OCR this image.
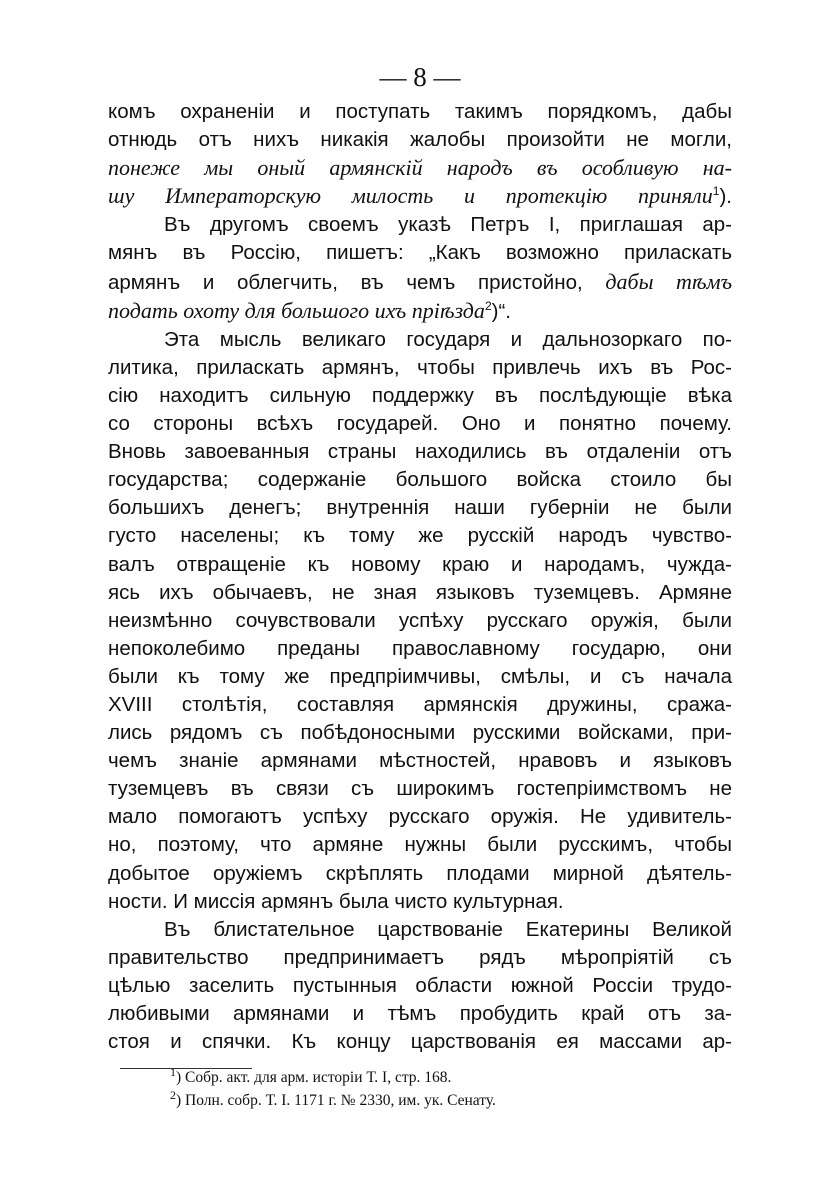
— 8 —

комъ охраненіи и поступать такимъ порядкомъ, дабы
отнюдь отъ нихъ никакія жалобы произойти не могли,
понеже мы оный армянскій народъ въ особливую на-
шу Императорскую милость и протекцію приняли$^1$).

Въ другомъ своемъ указѣ Петръ I, приглашая ар-
мянъ въ Россію, пишетъ: „Какъ возможно приласкать
армянъ и облегчить, въ чемъ пристойно, дабы тѣмъ
подать охоту для большого ихъ пріѣзда$^2$)“.

Эта мысль великаго государя и дальнозоркаго по-
литика, приласкать армянъ, чтобы привлечь ихъ въ Рос-
сію находитъ сильную поддержку въ послѣдующіе вѣка
со стороны всѣхъ государей. Оно и понятно почему.
Вновь завоеванныя страны находились въ отдаленіи отъ
государства; содержаніе большого войска стоило бы
большихъ денегъ; внутреннія наши губерніи не были
густо населены; къ тому же русскій народъ чувство-
валъ отвращеніе къ новому краю и народамъ, чужда-
ясь ихъ обычаевъ, не зная языковъ туземцевъ. Армяне
неизмѣнно сочувствовали успѣху русскаго оружія, были
непоколебимо преданы православному государю, они
были къ тому же предпріимчивы, смѣлы, и съ начала
XVIII столѣтія, составляя армянскія дружины, сража-
лись рядомъ съ побѣдоносными русскими войсками, при-
чемъ знаніе армянами мѣстностей, нравовъ и языковъ
туземцевъ въ связи съ широкимъ гостепріимствомъ не
мало помогаютъ успѣху русскаго оружія. Не удивитель-
но, поэтому, что армяне нужны были русскимъ, чтобы
добытое оружіемъ скрѣплять плодами мирной дѣятель-
ности. И миссія армянъ была чисто культурная.

Въ блистательное царствованіе Екатерины Великой
правительство предпринимаетъ рядъ мѣропріятій съ
цѣлью заселить пустынныя области южной Россіи трудо-
любивыми армянами и тѣмъ пробудить край отъ за-
стоя и спячки. Къ концу царствованія ея массами ар-

$^1$) Собр. акт. для арм. исторіи Т. I, стр. 168.
$^2$) Полн. собр. Т. I. 1171 г. № 2330, им. ук. Сенату.
